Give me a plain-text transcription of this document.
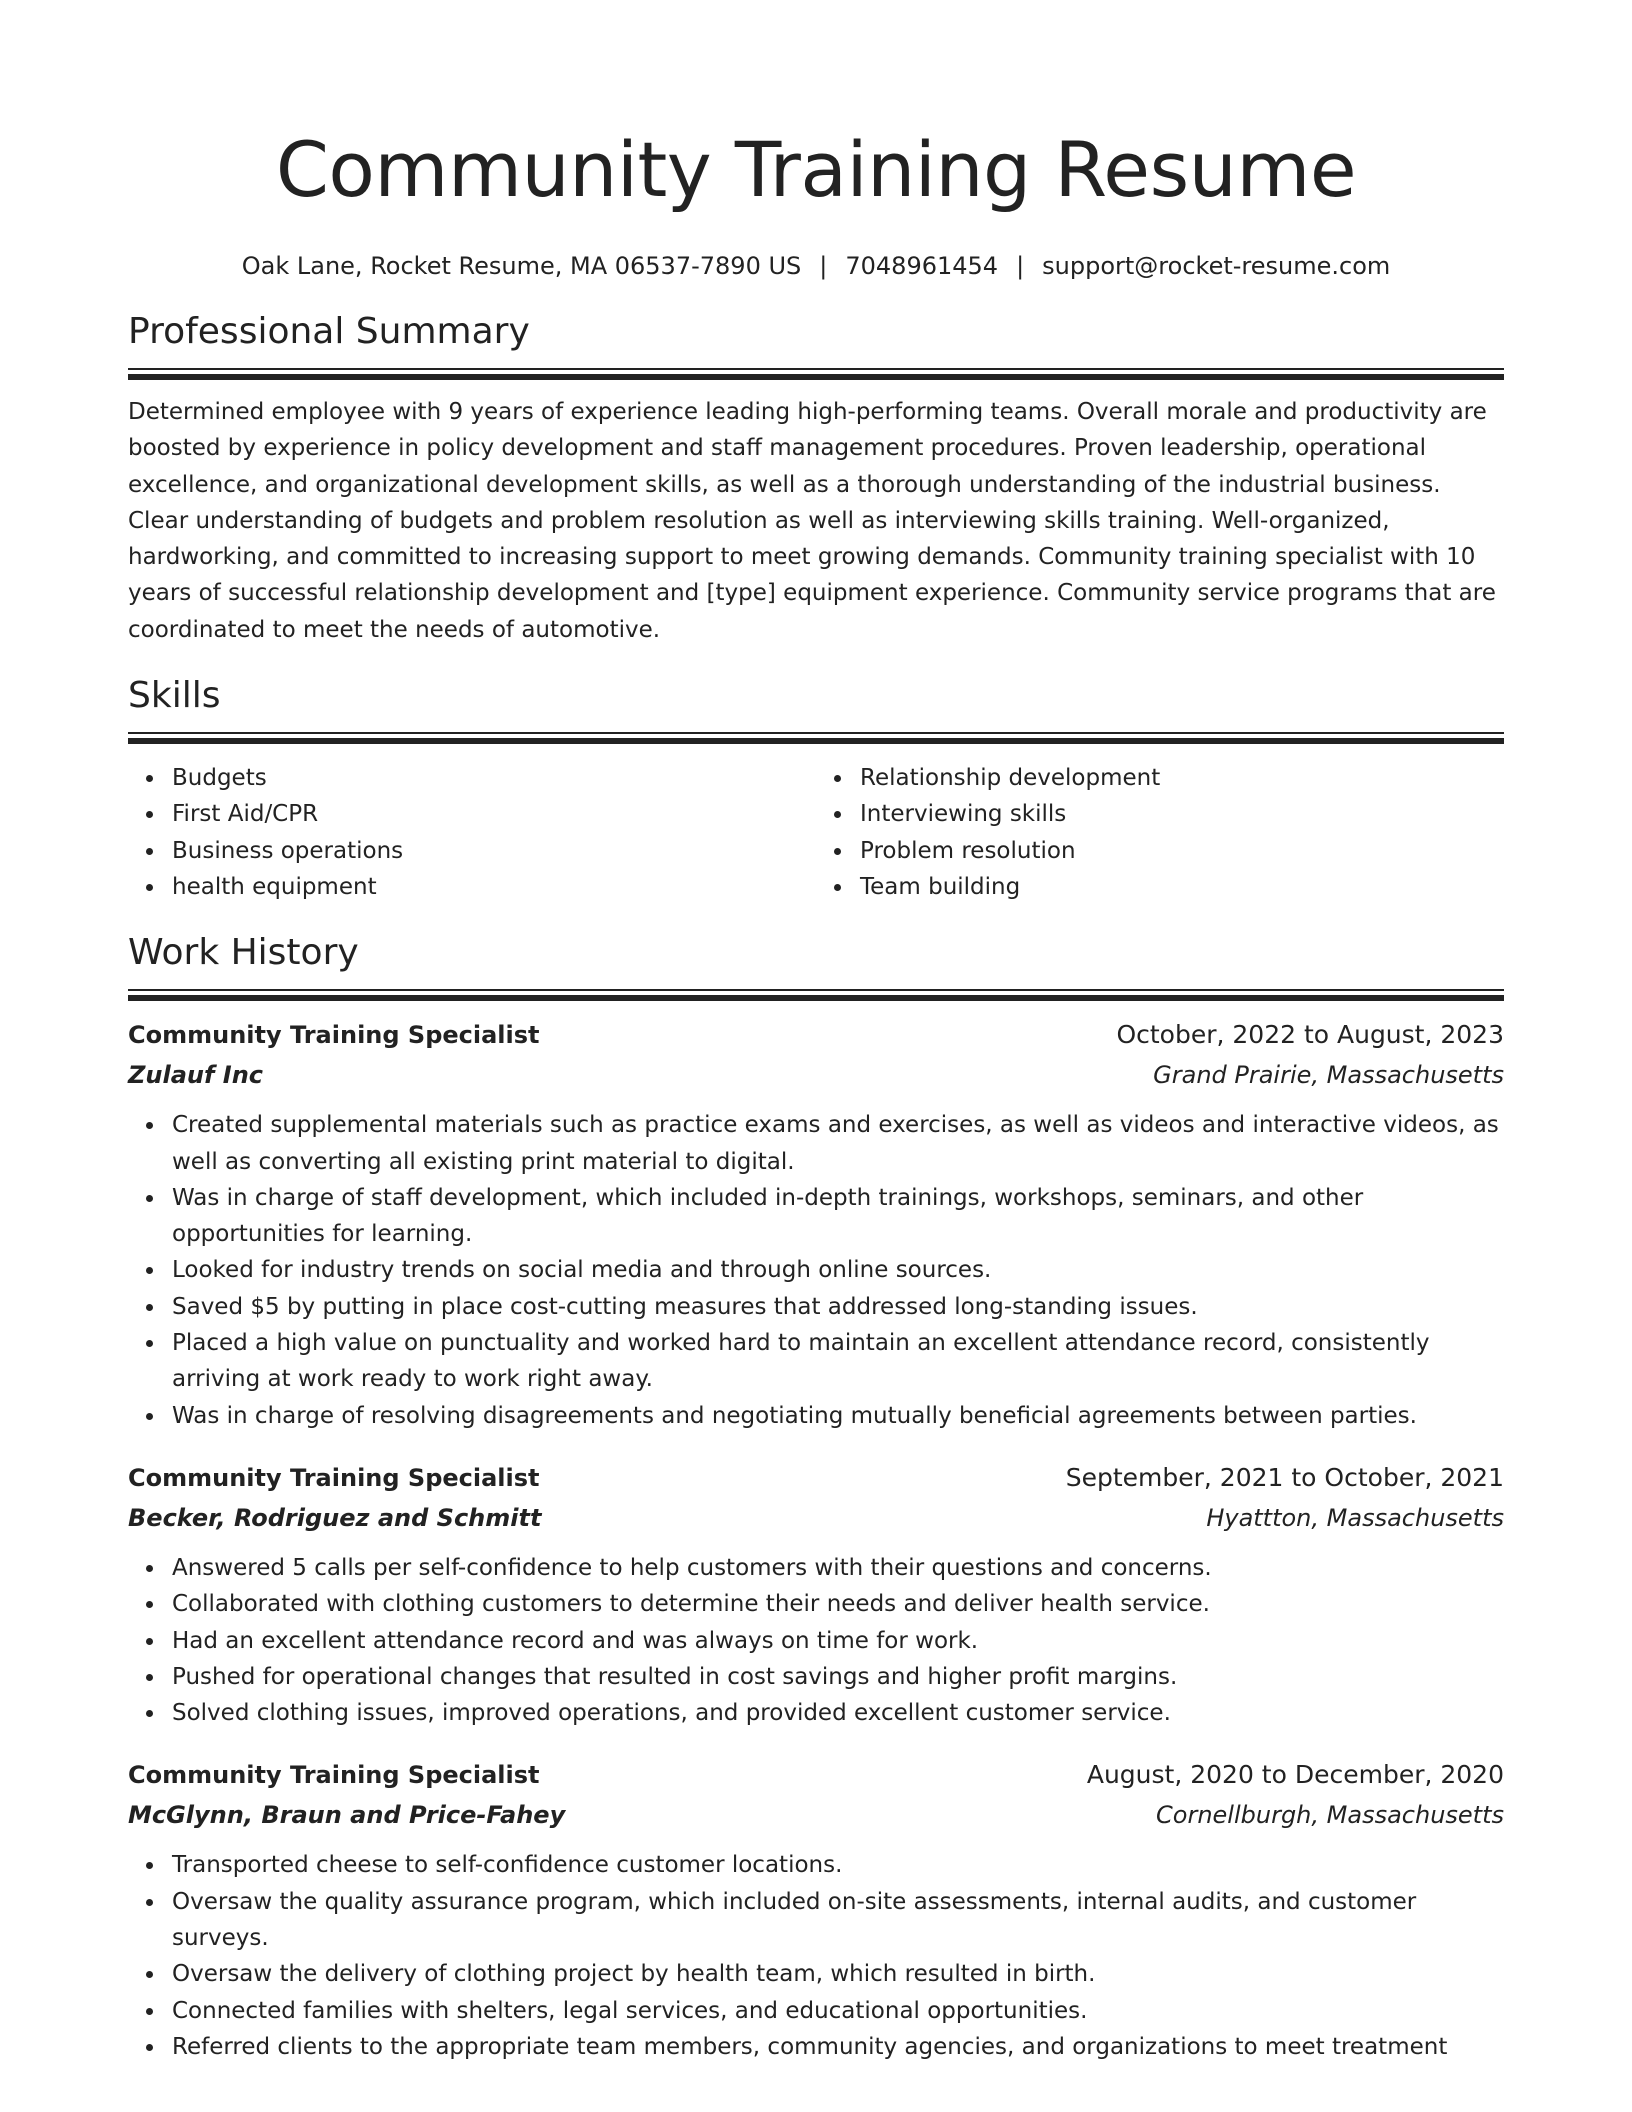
Community Training Resume
Oak Lane, Rocket Resume, MA 06537-7890 US | 7048961454 | support@rocket-resume.com
Professional Summary

Determined employee with 9 years of experience leading high-performing teams. Overall morale and productivity are boosted by experience in policy development and staff management procedures. Proven leadership, operational excellence, and organizational development skills, as well as a thorough understanding of the industrial business. Clear understanding of budgets and problem resolution as well as interviewing skills training. Well-organized, hardworking, and committed to increasing support to meet growing demands. Community training specialist with 10 years of successful relationship development and [type] equipment experience. Community service programs that are coordinated to meet the needs of automotive.

Skills
Budgets
First Aid/CPR
Business operations
health equipment
Relationship development
Interviewing skills
Problem resolution
Team building
Work History
Community Training Specialist	October, 2022 to August, 2023
Zulauf Inc	Grand Prairie, Massachusetts
Created supplemental materials such as practice exams and exercises, as well as videos and interactive videos, as well as converting all existing print material to digital.
Was in charge of staff development, which included in-depth trainings, workshops, seminars, and other opportunities for learning.
Looked for industry trends on social media and through online sources.
Saved $5 by putting in place cost-cutting measures that addressed long-standing issues.
Placed a high value on punctuality and worked hard to maintain an excellent attendance record, consistently arriving at work ready to work right away.
Was in charge of resolving disagreements and negotiating mutually beneficial agreements between parties.
Community Training Specialist	September, 2021 to October, 2021
Becker, Rodriguez and Schmitt	Hyattton, Massachusetts
Answered 5 calls per self-confidence to help customers with their questions and concerns.
Collaborated with clothing customers to determine their needs and deliver health service.
Had an excellent attendance record and was always on time for work.
Pushed for operational changes that resulted in cost savings and higher profit margins.
Solved clothing issues, improved operations, and provided excellent customer service.
Community Training Specialist	August, 2020 to December, 2020
McGlynn, Braun and Price-Fahey	Cornellburgh, Massachusetts
Transported cheese to self-confidence customer locations.
Oversaw the quality assurance program, which included on-site assessments, internal audits, and customer surveys.
Oversaw the delivery of clothing project by health team, which resulted in birth.
Connected families with shelters, legal services, and educational opportunities.
Referred clients to the appropriate team members, community agencies, and organizations to meet treatment
